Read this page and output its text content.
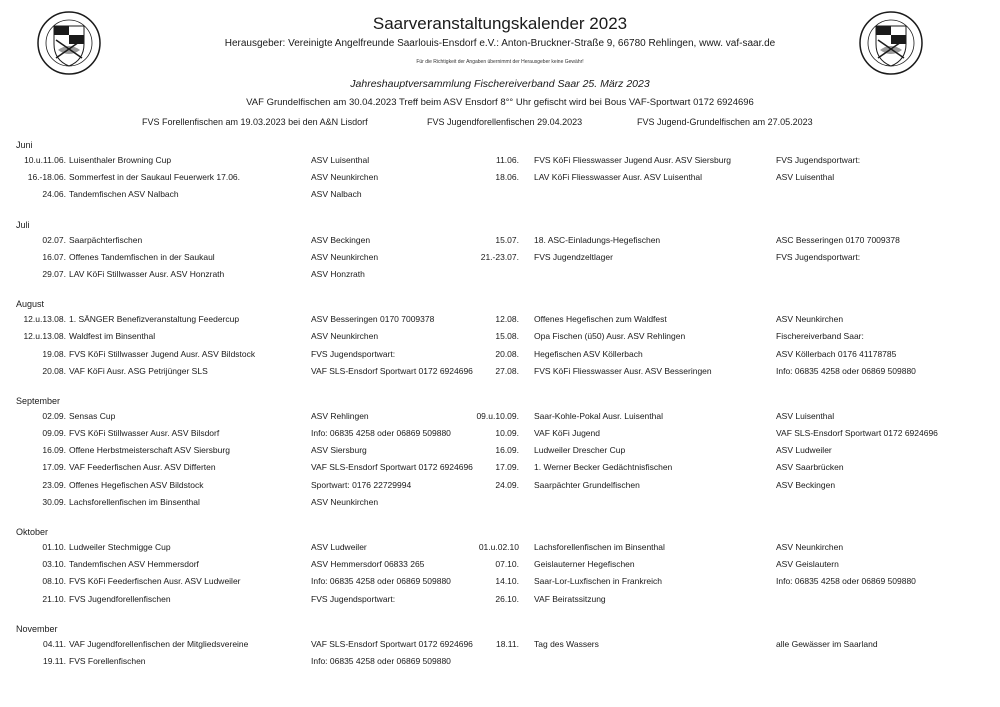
Saarveranstaltungskalender 2023
Herausgeber: Vereinigte Angelfreunde Saarlouis-Ensdorf e.V.: Anton-Bruckner-Straße 9, 66780 Rehlingen, www. vaf-saar.de
Für die Richtigkeit der Angaben übernimmt der Herausgeber keine Gewähr!
Jahreshauptversammlung Fischereiverband Saar 25. März 2023
VAF Grundelfischen am 30.04.2023 Treff beim ASV Ensdorf 8°° Uhr gefischt wird bei Bous VAF-Sportwart 0172 6924696
FVS Forellenfischen am 19.03.2023 bei den A&N Lisdorf	FVS Jugendforellenfischen 29.04.2023	FVS Jugend-Grundelfischen am 27.05.2023
Juni
10.u.11.06. Luisenthaler Browning Cup	ASV Luisenthal	11.06. FVS KöFi Fliesswasser Jugend Ausr. ASV Siersburg	FVS Jugendsportwart:
16.-18.06. Sommerfest in der Saukaul Feuerwerk 17.06.	ASV Neunkirchen	18.06. LAV KöFi Fliesswasser Ausr. ASV Luisenthal	ASV Luisenthal
24.06. Tandemfischen ASV Nalbach	ASV Nalbach
Juli
02.07. Saarpächterfischen	ASV Beckingen	15.07. 18. ASC-Einladungs-Hegefischen	ASC Besseringen 0170 7009378
16.07. Offenes Tandemfischen in der Saukaul	ASV Neunkirchen	21.-23.07. FVS Jugendzeltlager	FVS Jugendsportwart:
29.07. LAV KöFi Stillwasser Ausr. ASV Honzrath	ASV Honzrath
August
12.u.13.08. 1. SÄNGER Benefizveranstaltung Feedercup	ASV Besseringen 0170 7009378	12.08. Offenes Hegefischen zum Waldfest	ASV Neunkirchen
12.u.13.08. Waldfest im Binsenthal	ASV Neunkirchen	15.08. Opa Fischen (ü50) Ausr. ASV Rehlingen	Fischereiverband Saar:
19.08. FVS KöFi Stillwasser Jugend Ausr. ASV Bildstock	FVS Jugendsportwart:	20.08. Hegefischen ASV Köllerbach	ASV Köllerbach 0176 41178785
20.08. VAF KöFi Ausr. ASG Petrijünger SLS	VAF SLS-Ensdorf Sportwart 0172 6924696	27.08. FVS KöFi Fliesswasser Ausr. ASV Besseringen	Info: 06835 4258 oder 06869 509880
September
02.09. Sensas Cup	ASV Rehlingen	09.u.10.09. Saar-Kohle-Pokal Ausr. Luisenthal	ASV Luisenthal
09.09. FVS KöFi Stillwasser Ausr. ASV Bilsdorf	Info: 06835 4258 oder 06869 509880	10.09. VAF KöFi Jugend	VAF SLS-Ensdorf Sportwart 0172 6924696
16.09. Offene Herbstmeisterschaft ASV Siersburg	ASV Siersburg	16.09. Ludweiler Drescher Cup	ASV Ludweiler
17.09. VAF Feederfischen Ausr. ASV Differten	VAF SLS-Ensdorf Sportwart 0172 6924696	17.09. 1. Werner Becker Gedächtnisfischen	ASV Saarbrücken
23.09. Offenes Hegefischen ASV Bildstock	Sportwart: 0176 22729994	24.09. Saarpächter Grundelfischen	ASV Beckingen
30.09. Lachsforellenfischen im Binsenthal	ASV Neunkirchen
Oktober
01.10. Ludweiler Stechmigge Cup	ASV Ludweiler	01.u.02.10 Lachsforellenfischen im Binsenthal	ASV Neunkirchen
03.10. Tandemfischen ASV Hemmersdorf	ASV Hemmersdorf 06833 265	07.10. Geislauterner Hegefischen	ASV Geislautern
08.10. FVS KöFi Feederfischen Ausr. ASV Ludweiler	Info: 06835 4258 oder 06869 509880	14.10. Saar-Lor-Luxfischen in Frankreich	Info: 06835 4258 oder 06869 509880
21.10. FVS Jugendforellenfischen	FVS Jugendsportwart:	26.10. VAF Beiratssitzung
November
04.11. VAF Jugendforellenfischen der Mitgliedsvereine	VAF SLS-Ensdorf Sportwart 0172 6924696	18.11. Tag des Wassers	alle Gewässer im Saarland
19.11. FVS Forellenfischen	Info: 06835 4258 oder 06869 509880
